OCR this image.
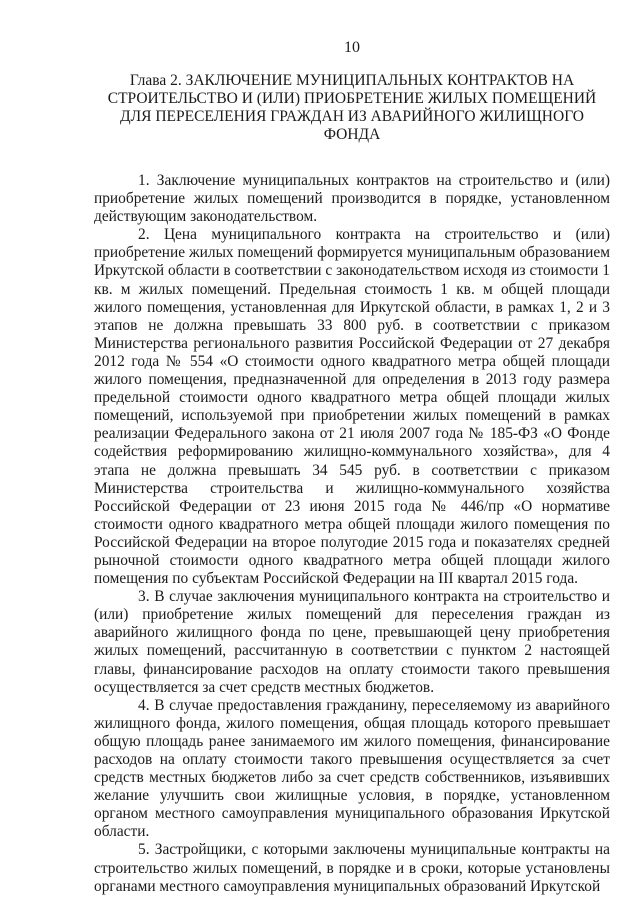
10
Глава 2. ЗАКЛЮЧЕНИЕ МУНИЦИПАЛЬНЫХ КОНТРАКТОВ НА СТРОИТЕЛЬСТВО И (ИЛИ) ПРИОБРЕТЕНИЕ ЖИЛЫХ ПОМЕЩЕНИЙ ДЛЯ ПЕРЕСЕЛЕНИЯ ГРАЖДАН ИЗ АВАРИЙНОГО ЖИЛИЩНОГО ФОНДА

1. Заключение муниципальных контрактов на строительство и (или) приобретение жилых помещений производится в порядке, установленном действующим законодательством.

2. Цена муниципального контракта на строительство и (или) приобретение жилых помещений формируется муниципальным образованием Иркутской области в соответствии с законодательством исходя из стоимости 1 кв. м жилых помещений. Предельная стоимость 1 кв. м общей площади жилого помещения, установленная для Иркутской области, в рамках 1, 2 и 3 этапов не должна превышать 33 800 руб. в соответствии с приказом Министерства регионального развития Российской Федерации от 27 декабря 2012 года № 554 «О стоимости одного квадратного метра общей площади жилого помещения, предназначенной для определения в 2013 году размера предельной стоимости одного квадратного метра общей площади жилых помещений, используемой при приобретении жилых помещений в рамках реализации Федерального закона от 21 июля 2007 года № 185-ФЗ «О Фонде содействия реформированию жилищно-коммунального хозяйства», для 4 этапа не должна превышать 34 545 руб. в соответствии с приказом Министерства строительства и жилищно-коммунального хозяйства Российской Федерации от 23 июня 2015 года № 446/пр «О нормативе стоимости одного квадратного метра общей площади жилого помещения по Российской Федерации на второе полугодие 2015 года и показателях средней рыночной стоимости одного квадратного метра общей площади жилого помещения по субъектам Российской Федерации на III квартал 2015 года.

3. В случае заключения муниципального контракта на строительство и (или) приобретение жилых помещений для переселения граждан из аварийного жилищного фонда по цене, превышающей цену приобретения жилых помещений, рассчитанную в соответствии с пунктом 2 настоящей главы, финансирование расходов на оплату стоимости такого превышения осуществляется за счет средств местных бюджетов.

4. В случае предоставления гражданину, переселяемому из аварийного жилищного фонда, жилого помещения, общая площадь которого превышает общую площадь ранее занимаемого им жилого помещения, финансирование расходов на оплату стоимости такого превышения осуществляется за счет средств местных бюджетов либо за счет средств собственников, изъявивших желание улучшить свои жилищные условия, в порядке, установленном органом местного самоуправления муниципального образования Иркутской области.

5. Застройщики, с которыми заключены муниципальные контракты на строительство жилых помещений, в порядке и в сроки, которые установлены органами местного самоуправления муниципальных образований Иркутской
